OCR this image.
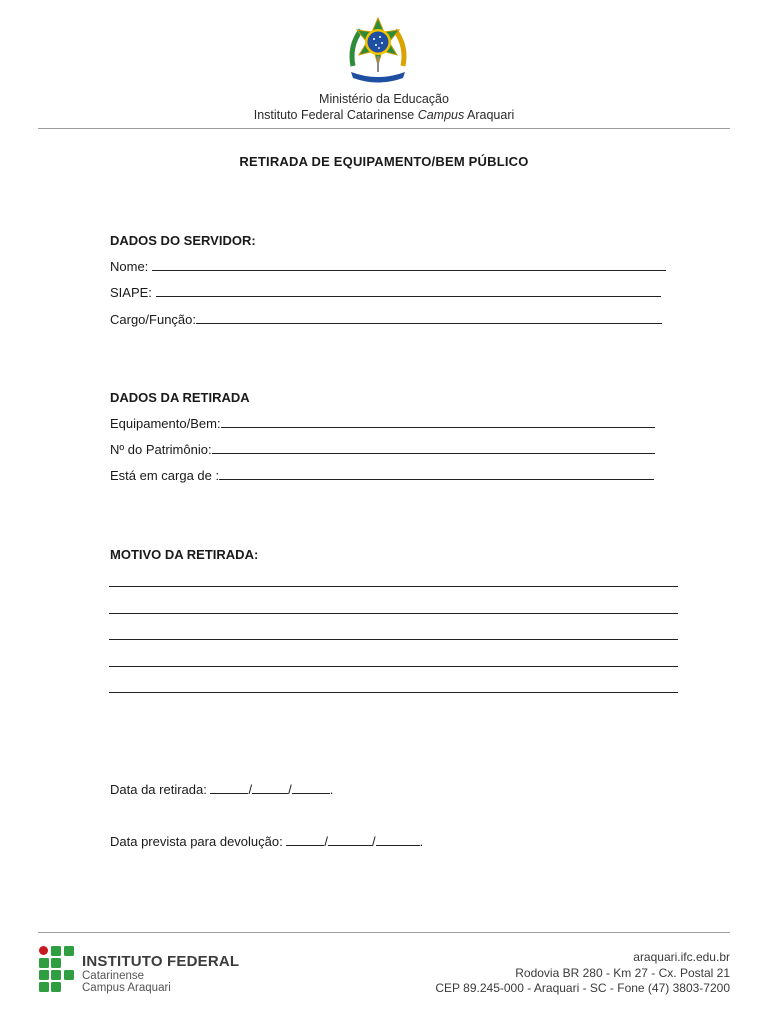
Ministério da Educação
Instituto Federal Catarinense Campus Araquari
RETIRADA DE EQUIPAMENTO/BEM PÚBLICO
DADOS DO SERVIDOR:
Nome:
SIAPE:
Cargo/Função:
DADOS DA RETIRADA
Equipamento/Bem:
Nº do Patrimônio:
Está em carga de :
MOTIVO DA RETIRADA:
Data da retirada:	/	/	.
Data prevista para devolução:	/	/	.
INSTITUTO FEDERAL
Catarinense
Campus Araquari
araquari.ifc.edu.br
Rodovia BR 280 - Km 27 - Cx. Postal 21
CEP 89.245-000 - Araquari - SC - Fone (47) 3803-7200
